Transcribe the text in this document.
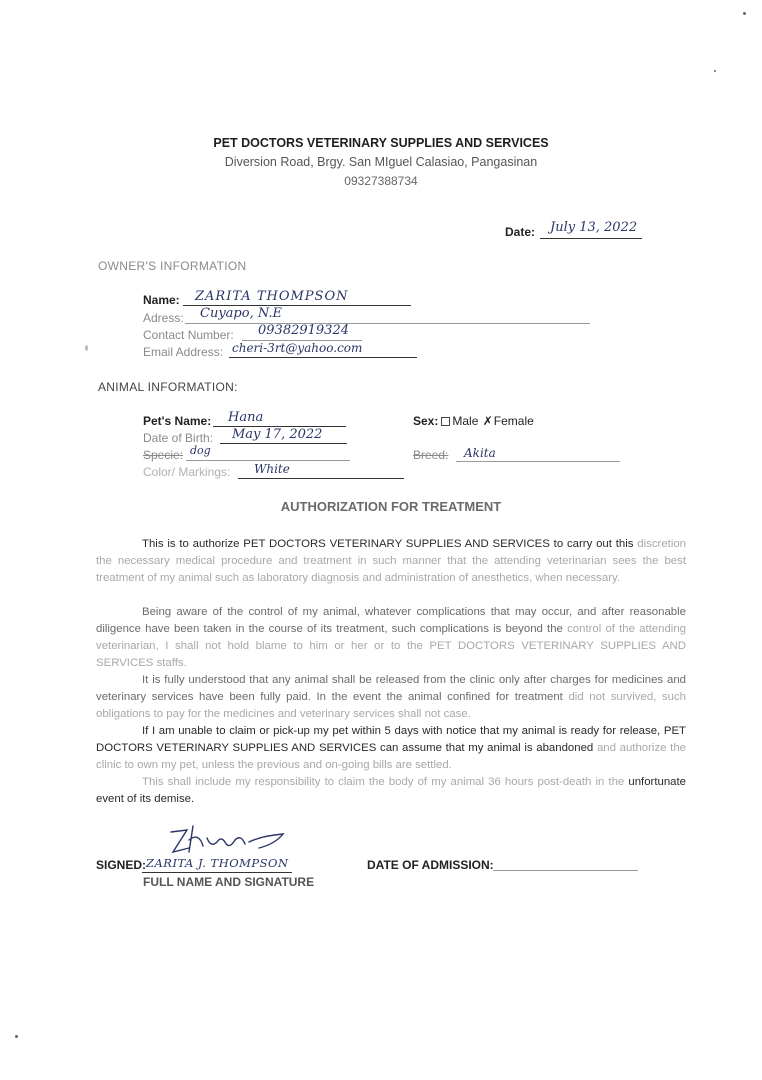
PET DOCTORS VETERINARY SUPPLIES AND SERVICES
Diversion Road, Brgy. San MIguel Calasiao, Pangasinan
09327388734
Date: July 13, 2022
OWNER'S INFORMATION
Name: ZARITA THOMPSON
Adress: Cuyapo, N.E
Contact Number: 09382919324
Email Address: cheri-3rt@yahoo.com
ANIMAL INFORMATION:
Pet's Name: Hana	Sex: Male ✗Female
Date of Birth: May 17, 2022
Specie: dog	Breed: Akita
Color/ Markings: White
AUTHORIZATION FOR TREATMENT

This is to authorize PET DOCTORS VETERINARY SUPPLIES AND SERVICES to carry out this discretion the necessary medical procedure and treatment in such manner that the attending veterinarian sees the best treatment of my animal such as laboratory diagnosis and administration of anesthetics, when necessary.

Being aware of the control of my animal, whatever complications that may occur, and after reasonable diligence have been taken in the course of its treatment, such complications is beyond the control of the attending veterinarian, I shall not hold blame to him or her or to the PET DOCTORS VETERINARY SUPPLIES AND SERVICES staffs.

It is fully understood that any animal shall be released from the clinic only after charges for medicines and veterinary services have been fully paid. In the event the animal confined for treatment did not survived, such obligations to pay for the medicines and veterinary services shall not case.

If I am unable to claim or pick-up my pet within 5 days with notice that my animal is ready for release, PET DOCTORS VETERINARY SUPPLIES AND SERVICES can assume that my animal is abandoned and authorize the clinic to own my pet, unless the previous and on-going bills are settled.

This shall include my responsibility to claim the body of my animal 36 hours post-death in the unfortunate event of its demise.

SIGNED: ZARITA J. THOMPSON
FULL NAME AND SIGNATURE
DATE OF ADMISSION:
